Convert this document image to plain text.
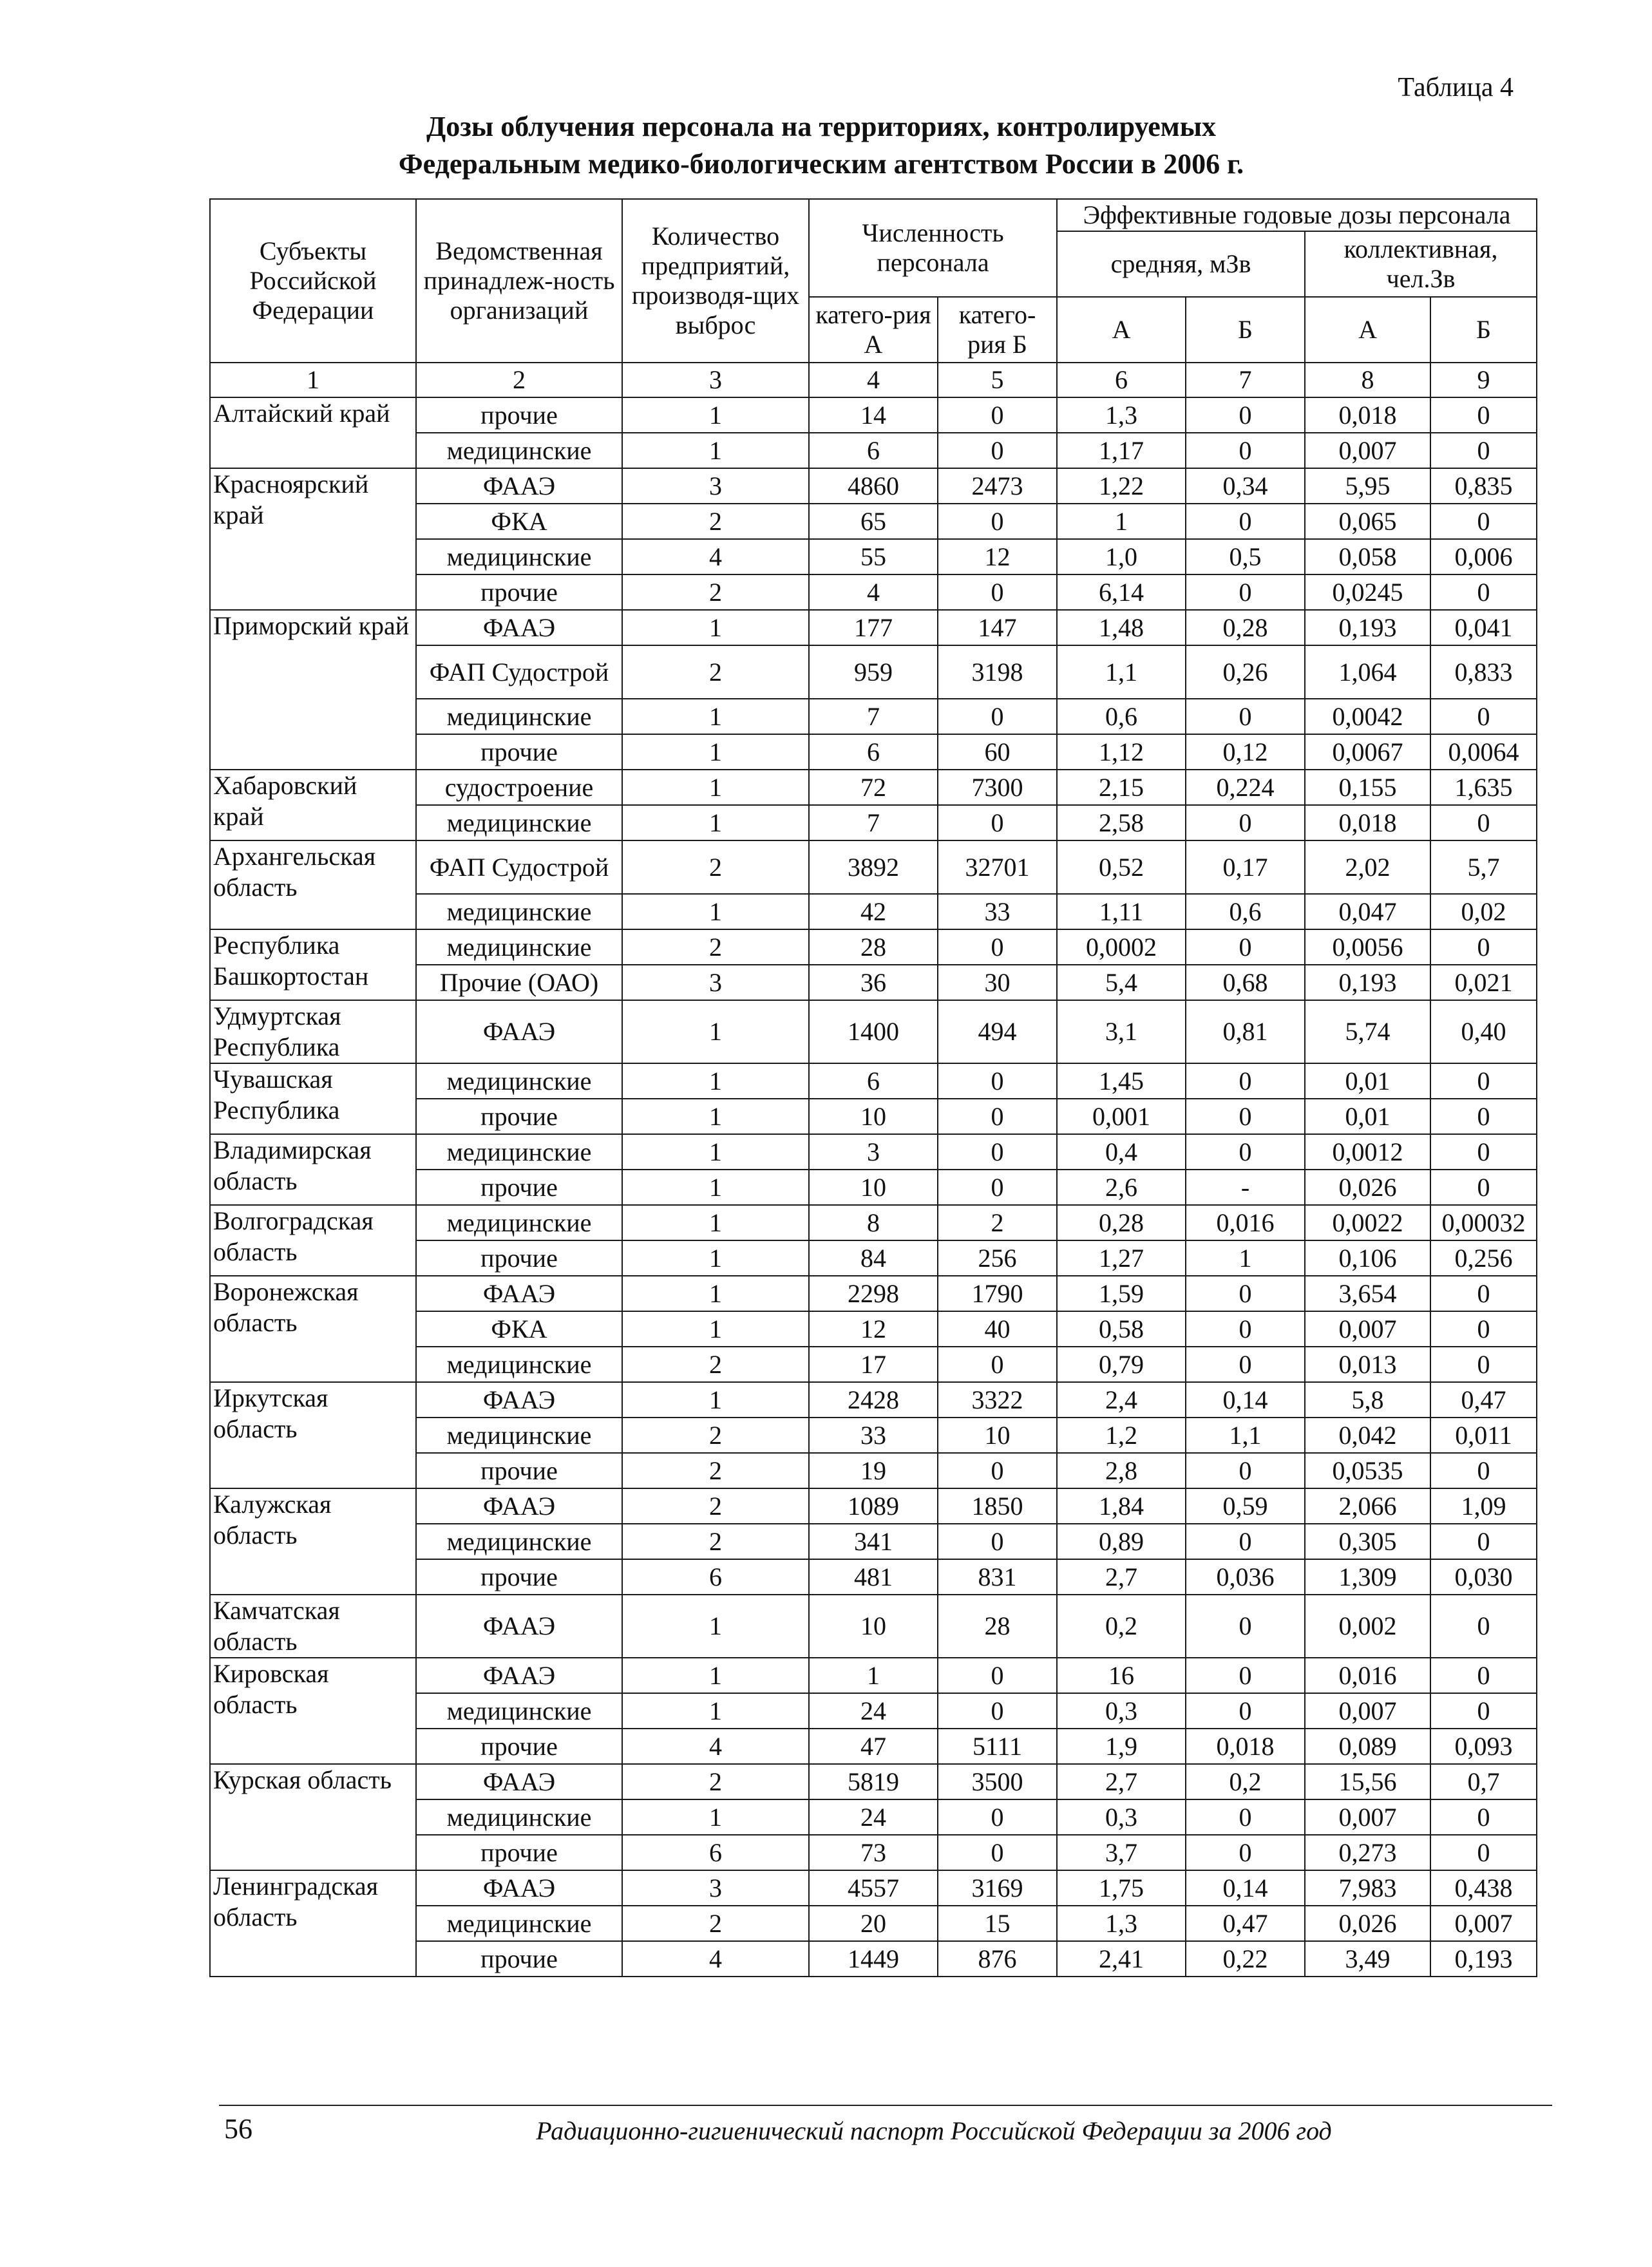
Таблица 4
Дозы облучения персонала на территориях, контролируемых
Федеральным медико-биологическим агентством России в 2006 г.
Субъекты Российской Федерации	Ведомственная принадлеж-ность организаций	Количество предприятий, производя-щих выброс	Численность персонала		Эффективные годовые дозы персонала			
					средняя, мЗв		коллективная, чел.Зв	
			катего-рия А	катего-рия Б	А	Б	А	Б
1	2	3	4	5	6	7	8	9
Алтайский край	прочие	1	14	0	1,3	0	0,018	0
	медицинские	1	6	0	1,17	0	0,007	0
Красноярский край	ФААЭ	3	4860	2473	1,22	0,34	5,95	0,835
	ФКА	2	65	0	1	0	0,065	0
	медицинские	4	55	12	1,0	0,5	0,058	0,006
	прочие	2	4	0	6,14	0	0,0245	0
Приморский край	ФААЭ	1	177	147	1,48	0,28	0,193	0,041
	ФАП Судострой	2	959	3198	1,1	0,26	1,064	0,833
	медицинские	1	7	0	0,6	0	0,0042	0
	прочие	1	6	60	1,12	0,12	0,0067	0,0064
Хабаровский край	судостроение	1	72	7300	2,15	0,224	0,155	1,635
	медицинские	1	7	0	2,58	0	0,018	0
Архангельская область	ФАП Судострой	2	3892	32701	0,52	0,17	2,02	5,7
	медицинские	1	42	33	1,11	0,6	0,047	0,02
Республика Башкортостан	медицинские	2	28	0	0,0002	0	0,0056	0
	Прочие (ОАО)	3	36	30	5,4	0,68	0,193	0,021
Удмуртская Республика	ФААЭ	1	1400	494	3,1	0,81	5,74	0,40
Чувашская Республика	медицинские	1	6	0	1,45	0	0,01	0
	прочие	1	10	0	0,001	0	0,01	0
Владимирская область	медицинские	1	3	0	0,4	0	0,0012	0
	прочие	1	10	0	2,6	-	0,026	0
Волгоградская область	медицинские	1	8	2	0,28	0,016	0,0022	0,00032
	прочие	1	84	256	1,27	1	0,106	0,256
Воронежская область	ФААЭ	1	2298	1790	1,59	0	3,654	0
	ФКА	1	12	40	0,58	0	0,007	0
	медицинские	2	17	0	0,79	0	0,013	0
Иркутская область	ФААЭ	1	2428	3322	2,4	0,14	5,8	0,47
	медицинские	2	33	10	1,2	1,1	0,042	0,011
	прочие	2	19	0	2,8	0	0,0535	0
Калужская область	ФААЭ	2	1089	1850	1,84	0,59	2,066	1,09
	медицинские	2	341	0	0,89	0	0,305	0
	прочие	6	481	831	2,7	0,036	1,309	0,030
Камчатская область	ФААЭ	1	10	28	0,2	0	0,002	0
Кировская область	ФААЭ	1	1	0	16	0	0,016	0
	медицинские	1	24	0	0,3	0	0,007	0
	прочие	4	47	5111	1,9	0,018	0,089	0,093
Курская область	ФААЭ	2	5819	3500	2,7	0,2	15,56	0,7
	медицинские	1	24	0	0,3	0	0,007	0
	прочие	6	73	0	3,7	0	0,273	0
Ленинградская область	ФААЭ	3	4557	3169	1,75	0,14	7,983	0,438
	медицинские	2	20	15	1,3	0,47	0,026	0,007
	прочие	4	1449	876	2,41	0,22	3,49	0,193
56	Радиационно-гигиенический паспорт Российской Федерации за 2006 год
